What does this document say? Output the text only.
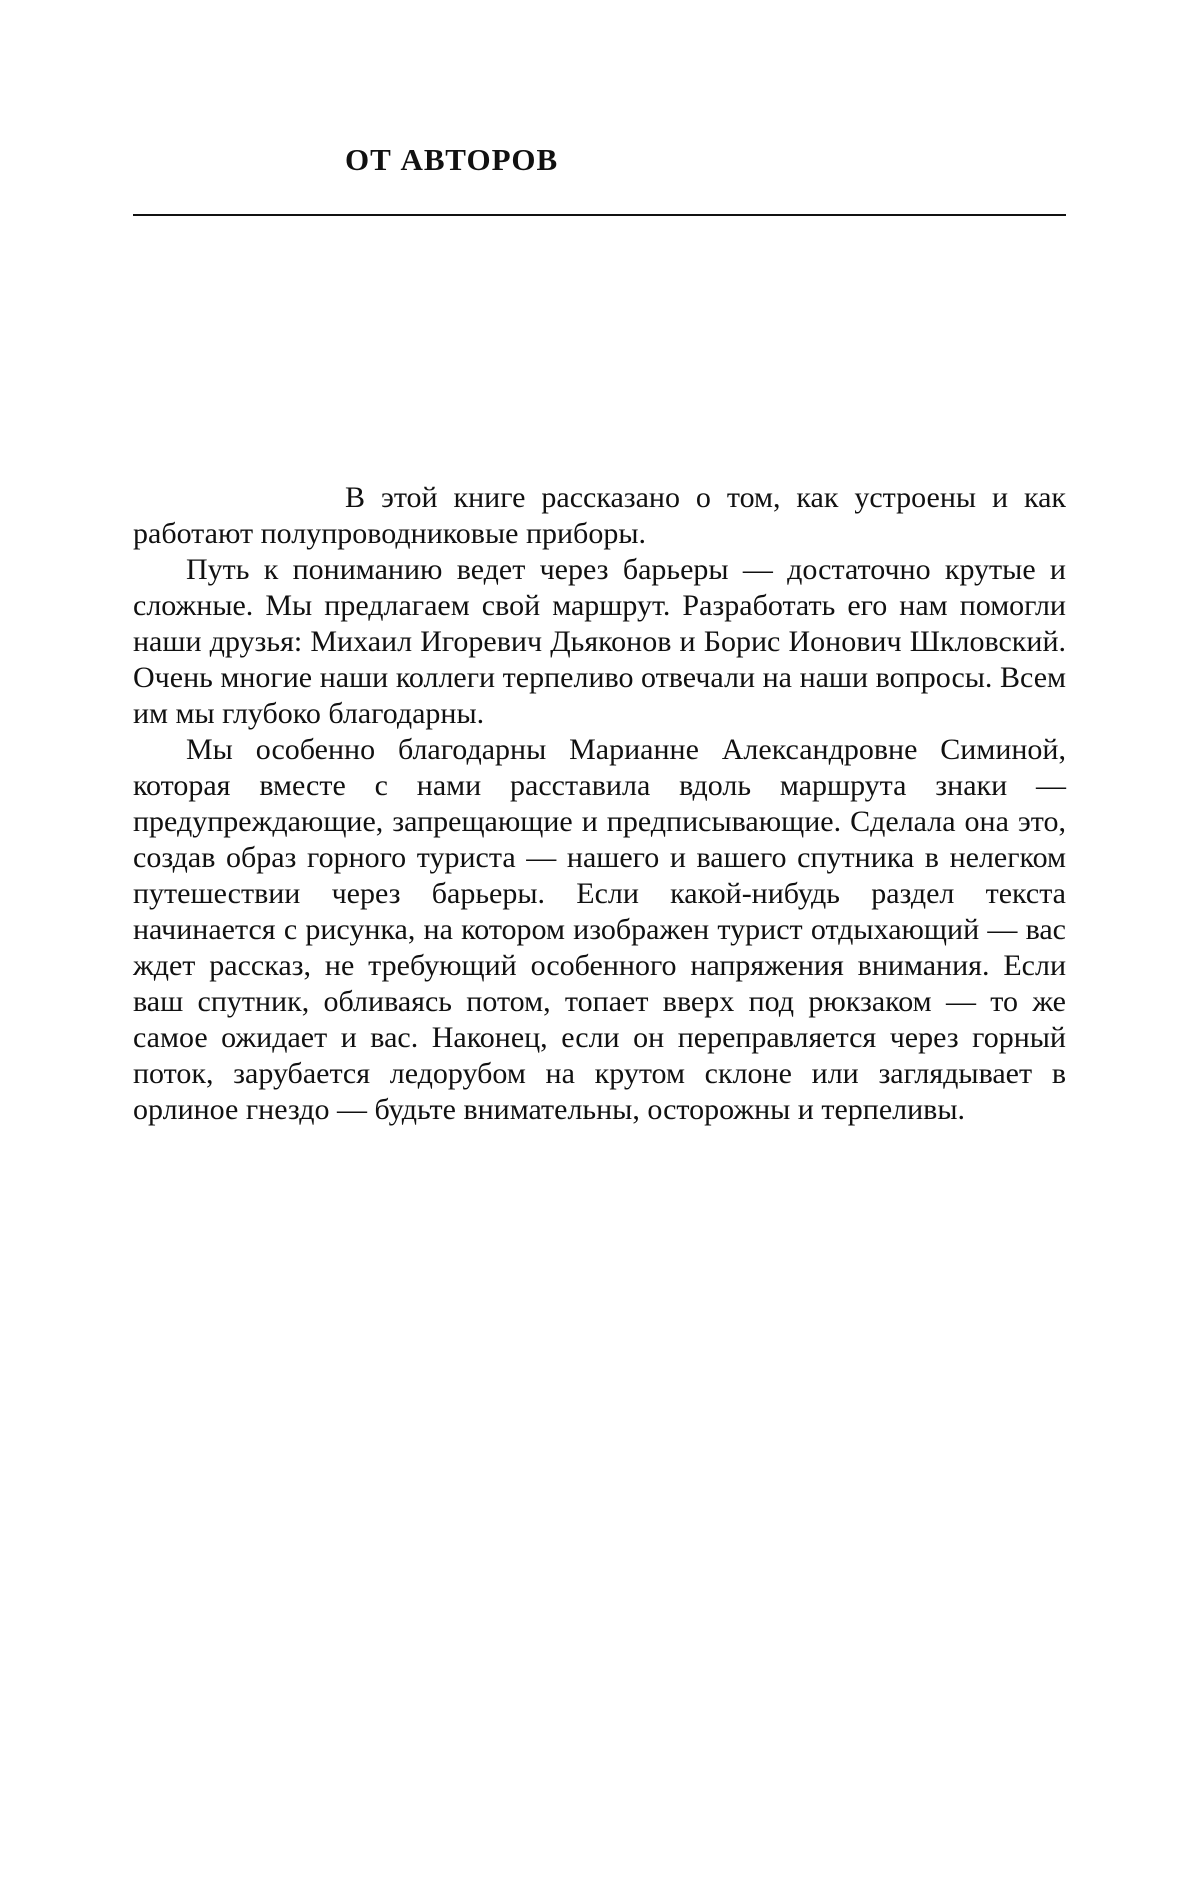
ОТ АВТОРОВ

В этой книге рассказано о том, как устроены и как работают полупроводниковые приборы.

Путь к пониманию ведет через барьеры — достаточно крутые и сложные. Мы предлагаем свой маршрут. Разработать его нам помогли наши друзья: Михаил Игоревич Дьяконов и Борис Ионович Шкловский. Очень многие наши коллеги терпеливо отвечали на наши вопросы. Всем им мы глубоко благодарны.

Мы особенно благодарны Марианне Александровне Симиной, которая вместе с нами расставила вдоль маршрута знаки — предупреждающие, запрещающие и предписывающие. Сделала она это, создав образ горного туриста — нашего и вашего спутника в нелегком путешествии через барьеры. Если какой-нибудь раздел текста начинается с рисунка, на котором изображен турист отдыхающий — вас ждет рассказ, не требующий особенного напряжения внимания. Если ваш спутник, обливаясь потом, топает вверх под рюкзаком — то же самое ожидает и вас. Наконец, если он переправляется через горный поток, зарубается ледорубом на крутом склоне или заглядывает в орлиное гнездо — будьте внимательны, осторожны и терпеливы.
